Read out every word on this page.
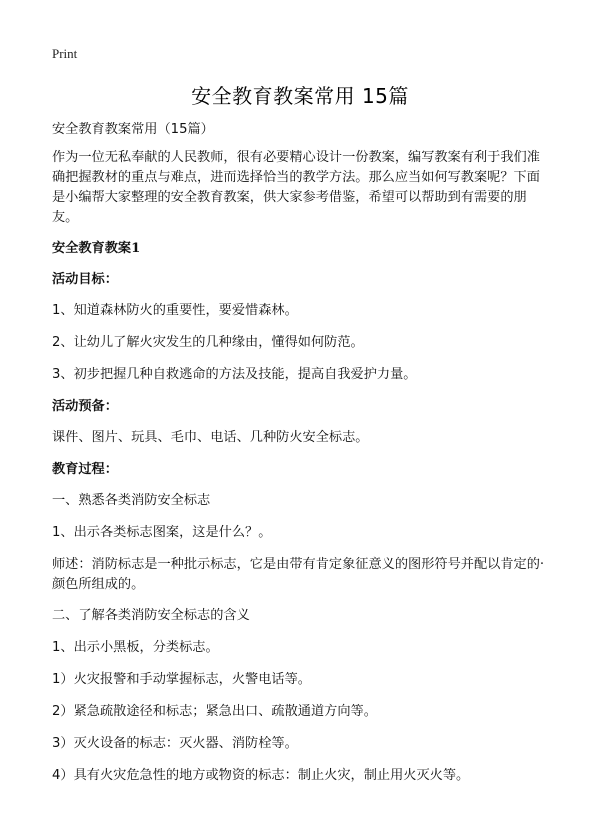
Print
安全教育教案常用 15篇

安全教育教案常用（15篇）

作为一位无私奉献的人民教师，很有必要精心设计一份教案，编写教案有利于我们准确把握教材的重点与难点，进而选择恰当的教学方法。那么应当如何写教案呢？下面是小编帮大家整理的安全教育教案，供大家参考借鉴，希望可以帮助到有需要的朋友。

安全教育教案1

活动目标：

1、知道森林防火的重要性，要爱惜森林。

2、让幼儿了解火灾发生的几种缘由，懂得如何防范。

3、初步把握几种自救逃命的方法及技能，提高自我爱护力量。

活动预备：

课件、图片、玩具、毛巾、电话、几种防火安全标志。

教育过程：

一、熟悉各类消防安全标志

1、出示各类标志图案，这是什么？。

师述：消防标志是一种批示标志，它是由带有肯定象征意义的图形符号并配以肯定的·颜色所组成的。

二、了解各类消防安全标志的含义

1、出示小黑板，分类标志。

1）火灾报警和手动掌握标志，火警电话等。

2）紧急疏散途径和标志；紧急出口、疏散通道方向等。

3）灭火设备的标志：灭火器、消防栓等。

4）具有火灾危急性的地方或物资的标志：制止火灾，制止用火灭火等。
